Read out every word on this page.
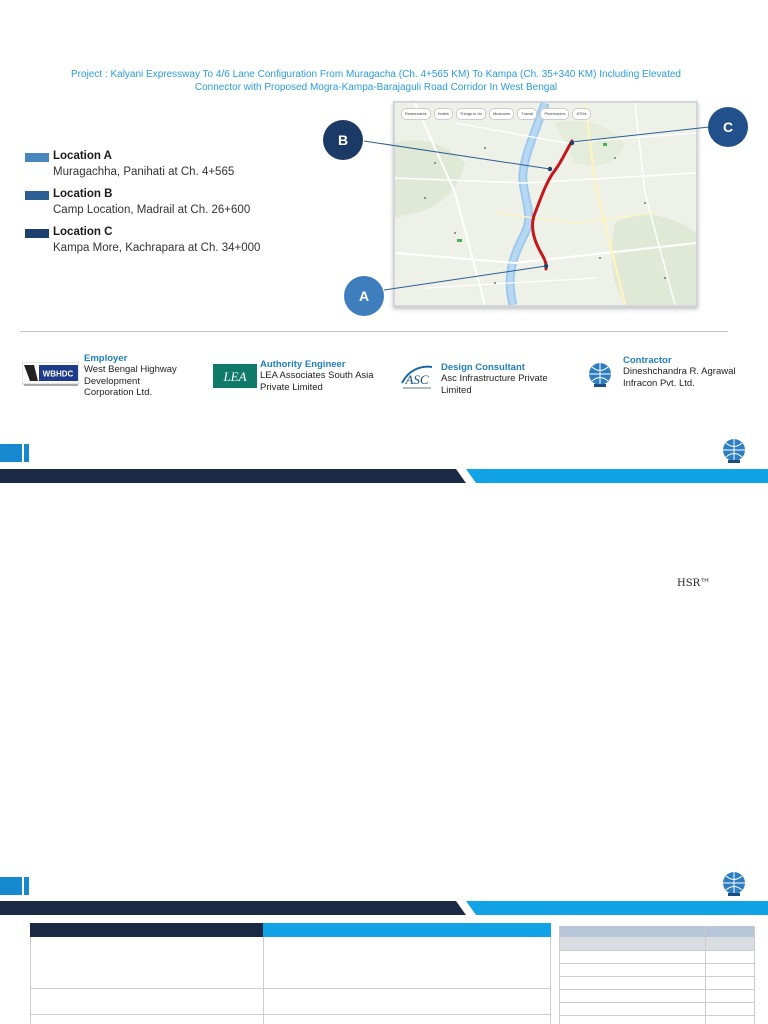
Project : Kalyani Expressway To 4/6 Lane Configuration From Muragacha (Ch. 4+565 KM) To Kampa (Ch. 35+340 KM) Including Elevated
Connector with Proposed Mogra-Kampa-Barajaguli Road Corridor In West Bengal
Location A
Muragachha, Panihati at Ch. 4+565
Location B
Camp Location, Madrail at Ch. 26+600
Location C
Kampa More, Kachrapara at Ch. 34+000
Restaurants	Hotels	Things to do	Museums	Transit	Pharmacies	ATMs
B
C
A
WBHDC
Employer
West Bengal Highway
Development
Corporation Ltd.
LEA
Authority Engineer
LEA Associates South Asia
Private Limited	ASC
Design Consultant
Asc Infrastructure Private
Limited
Contractor
Dineshchandra R. Agrawal
Infracon Pvt. Ltd.
HSR™
